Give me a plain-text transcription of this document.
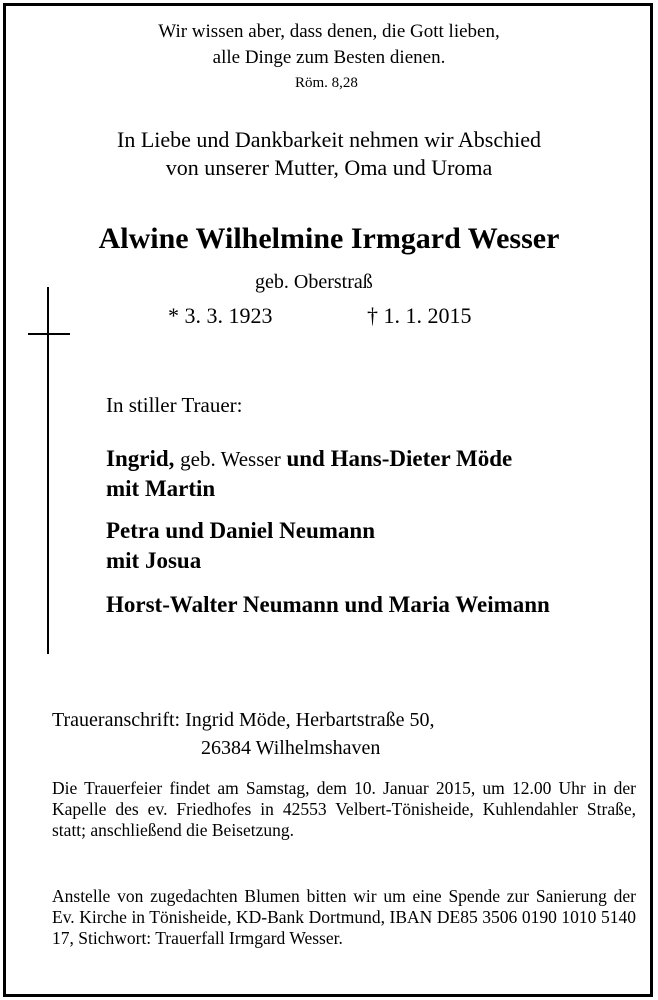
Wir wissen aber, dass denen, die Gott lieben,
alle Dinge zum Besten dienen.
Röm. 8,28
In Liebe und Dankbarkeit nehmen wir Abschied
von unserer Mutter, Oma und Uroma
Alwine Wilhelmine Irmgard Wesser
geb. Oberstraß
* 3. 3. 1923	† 1. 1. 2015
In stiller Trauer:
Ingrid, geb. Wesser und Hans-Dieter Möde
mit Martin
Petra und Daniel Neumann
mit Josua
Horst-Walter Neumann und Maria Weimann
Traueranschrift: Ingrid Möde, Herbartstraße 50,
26384 Wilhelmshaven
Die Trauerfeier findet am Samstag, dem 10. Januar 2015, um 12.00 Uhr in der Kapelle des ev. Friedhofes in 42553 Velbert-Tönisheide, Kuhlendahler Straße, statt; anschließend die Beisetzung.
Anstelle von zugedachten Blumen bitten wir um eine Spende zur Sanierung der Ev. Kirche in Tönisheide, KD-Bank Dortmund, IBAN DE85 3506 0190 1010 5140 17, Stichwort: Trauerfall Irmgard Wesser.
